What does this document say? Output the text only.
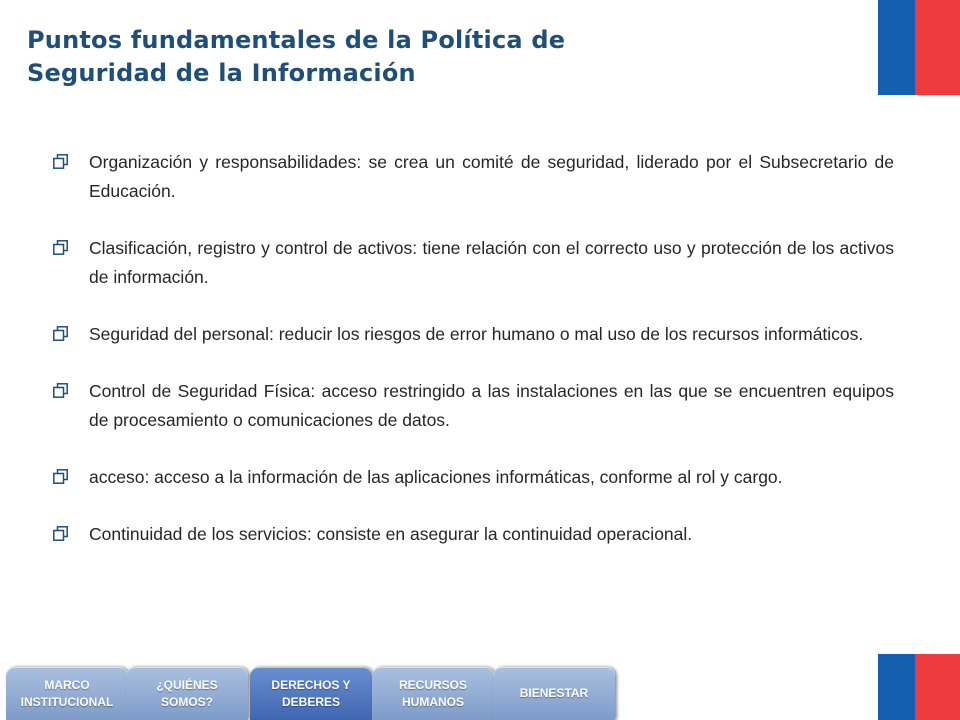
Puntos fundamentales de la Política de
Seguridad de la Información
Organización y responsabilidades: se crea un comité de seguridad, liderado por el Subsecretario de Educación.
Clasificación, registro y control de activos: tiene relación con el correcto uso y protección de los activos de información.
Seguridad del personal: reducir los riesgos de error humano o mal uso de los recursos informáticos.
Control de Seguridad Física: acceso restringido a las instalaciones en las que se encuentren equipos de procesamiento o comunicaciones de datos.
acceso: acceso a la información de las aplicaciones informáticas, conforme al rol y cargo.
Continuidad de los servicios: consiste en asegurar la continuidad operacional.
MARCO
INSTITUCIONAL
¿QUIÉNES
SOMOS?
DERECHOS Y
DEBERES
RECURSOS
HUMANOS
BIENESTAR
